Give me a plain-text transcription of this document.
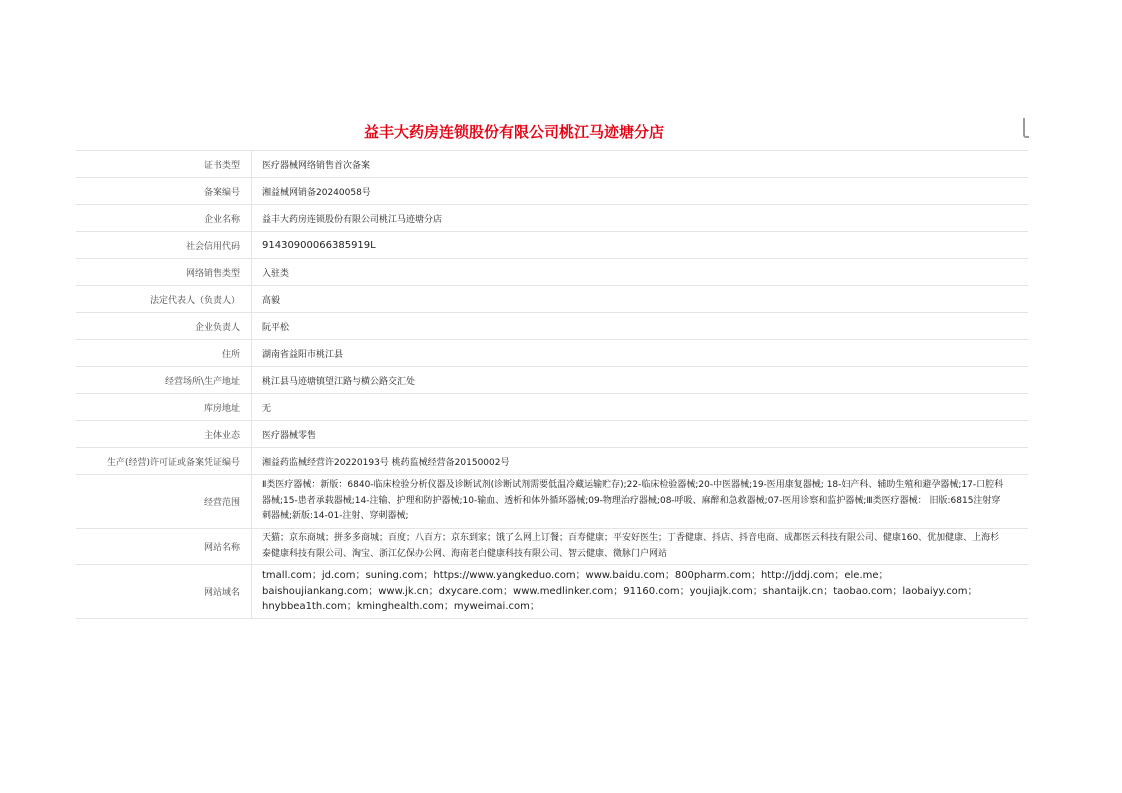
益丰大药房连锁股份有限公司桃江马迹塘分店
证书类型	医疗器械网络销售首次备案
备案编号	湘益械网销备20240058号
企业名称	益丰大药房连锁股份有限公司桃江马迹塘分店
社会信用代码	91430900066385919L
网络销售类型	入驻类
法定代表人（负责人）	高毅
企业负责人	阮平松
住所	湖南省益阳市桃江县
经营场所\生产地址	桃江县马迹塘镇望江路与横公路交汇处
库房地址	无
主体业态	医疗器械零售
生产(经营)许可证或备案凭证编号	湘益药监械经营许20220193号 桃药监械经营备20150002号
经营范围	Ⅱ类医疗器械：新版：6840-临床检验分析仪器及诊断试剂(诊断试剂需要低温冷藏运输贮存);22-临床检验器械;20-中医器械;19-医用康复器械; 18-妇产科、辅助生殖和避孕器械;17-口腔科器械;15-患者承载器械;14-注输、护理和防护器械;10-输血、透析和体外循环器械;09-物理治疗器械;08-呼吸、麻醉和急救器械;07-医用诊察和监护器械;Ⅲ类医疗器械： 旧版:6815注射穿刺器械;新版:14-01-注射、穿刺器械;

网站名称	天猫；京东商城；拼多多商城；百度；八百方；京东到家；饿了么网上订餐；百寿健康；平安好医生；丁香健康、抖店、抖音电商、成都医云科技有限公司、健康160、优加健康、上海杉泰健康科技有限公司、淘宝、浙江亿保办公网、海南老白健康科技有限公司、智云健康、微脉门户网站

网站域名	tmall.com；jd.com；suning.com；https://www.yangkeduo.com；www.baidu.com；800pharm.com；http://jddj.com；ele.me；baishoujiankang.com；www.jk.cn；dxycare.com；www.medlinker.com；91160.com；youjiajk.com；shantaijk.cn；taobao.com；laobaiyy.com；hnybbea1th.com；kminghealth.com；myweimai.com；
